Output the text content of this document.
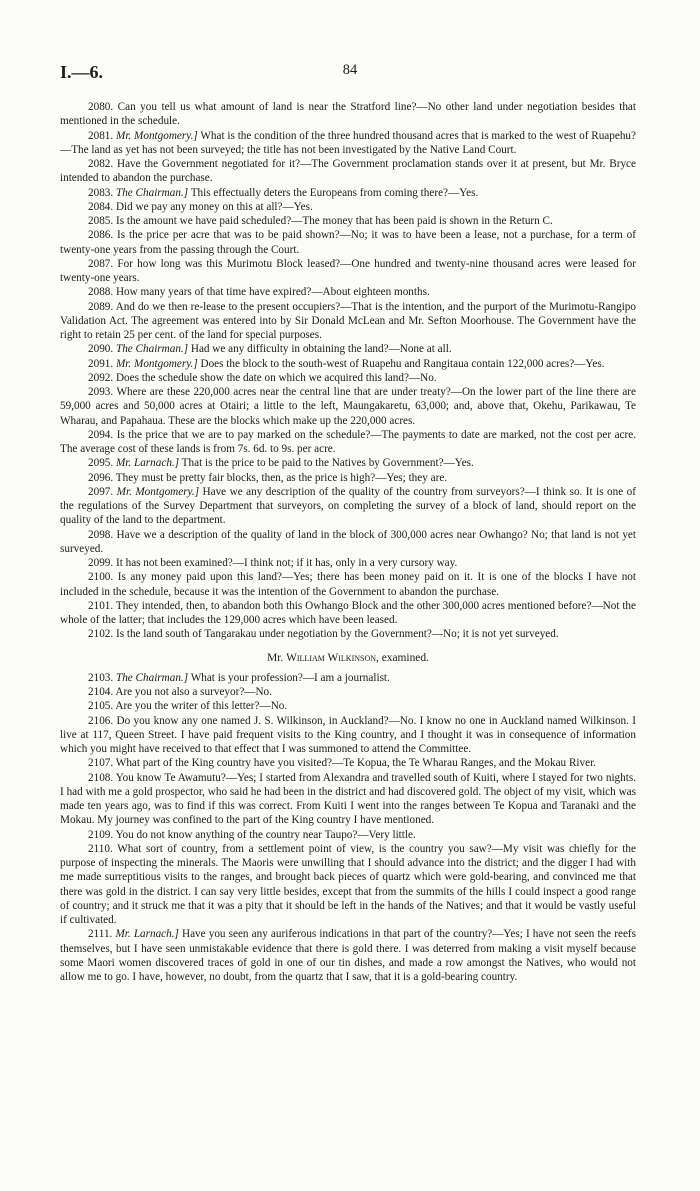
I.—6.	84

2080. Can you tell us what amount of land is near the Stratford line?—No other land under negotiation besides that mentioned in the schedule.

2081. Mr. Montgomery.] What is the condition of the three hundred thousand acres that is marked to the west of Ruapehu?—The land as yet has not been surveyed; the title has not been investigated by the Native Land Court.

2082. Have the Government negotiated for it?—The Government proclamation stands over it at present, but Mr. Bryce intended to abandon the purchase.

2083. The Chairman.] This effectually deters the Europeans from coming there?—Yes.

2084. Did we pay any money on this at all?—Yes.

2085. Is the amount we have paid scheduled?—The money that has been paid is shown in the Return C.

2086. Is the price per acre that was to be paid shown?—No; it was to have been a lease, not a purchase, for a term of twenty-one years from the passing through the Court.

2087. For how long was this Murimotu Block leased?—One hundred and twenty-nine thousand acres were leased for twenty-one years.

2088. How many years of that time have expired?—About eighteen months.

2089. And do we then re-lease to the present occupiers?—That is the intention, and the purport of the Murimotu-Rangipo Validation Act. The agreement was entered into by Sir Donald McLean and Mr. Sefton Moorhouse. The Government have the right to retain 25 per cent. of the land for special purposes.

2090. The Chairman.] Had we any difficulty in obtaining the land?—None at all.

2091. Mr. Montgomery.] Does the block to the south-west of Ruapehu and Rangitaua contain 122,000 acres?—Yes.

2092. Does the schedule show the date on which we acquired this land?—No.

2093. Where are these 220,000 acres near the central line that are under treaty?—On the lower part of the line there are 59,000 acres and 50,000 acres at Otairi; a little to the left, Maungakaretu, 63,000; and, above that, Okehu, Parikawau, Te Wharau, and Papahaua. These are the blocks which make up the 220,000 acres.

2094. Is the price that we are to pay marked on the schedule?—The payments to date are marked, not the cost per acre. The average cost of these lands is from 7s. 6d. to 9s. per acre.

2095. Mr. Larnach.] That is the price to be paid to the Natives by Government?—Yes.

2096. They must be pretty fair blocks, then, as the price is high?—Yes; they are.

2097. Mr. Montgomery.] Have we any description of the quality of the country from surveyors?—I think so. It is one of the regulations of the Survey Department that surveyors, on completing the survey of a block of land, should report on the quality of the land to the department.

2098. Have we a description of the quality of land in the block of 300,000 acres near Owhango? No; that land is not yet surveyed.

2099. It has not been examined?—I think not; if it has, only in a very cursory way.

2100. Is any money paid upon this land?—Yes; there has been money paid on it. It is one of the blocks I have not included in the schedule, because it was the intention of the Government to abandon the purchase.

2101. They intended, then, to abandon both this Owhango Block and the other 300,000 acres mentioned before?—Not the whole of the latter; that includes the 129,000 acres which have been leased.

2102. Is the land south of Tangarakau under negotiation by the Government?—No; it is not yet surveyed.

Mr. William Wilkinson, examined.

2103. The Chairman.] What is your profession?—I am a journalist.

2104. Are you not also a surveyor?—No.

2105. Are you the writer of this letter?—No.

2106. Do you know any one named J. S. Wilkinson, in Auckland?—No. I know no one in Auckland named Wilkinson. I live at 117, Queen Street. I have paid frequent visits to the King country, and I thought it was in consequence of information which you might have received to that effect that I was summoned to attend the Committee.

2107. What part of the King country have you visited?—Te Kopua, the Te Wharau Ranges, and the Mokau River.

2108. You know Te Awamutu?—Yes; I started from Alexandra and travelled south of Kuiti, where I stayed for two nights. I had with me a gold prospector, who said he had been in the district and had discovered gold. The object of my visit, which was made ten years ago, was to find if this was correct. From Kuiti I went into the ranges between Te Kopua and Taranaki and the Mokau. My journey was confined to the part of the King country I have mentioned.

2109. You do not know anything of the country near Taupo?—Very little.

2110. What sort of country, from a settlement point of view, is the country you saw?—My visit was chiefly for the purpose of inspecting the minerals. The Maoris were unwilling that I should advance into the district; and the digger I had with me made surreptitious visits to the ranges, and brought back pieces of quartz which were gold-bearing, and convinced me that there was gold in the district. I can say very little besides, except that from the summits of the hills I could inspect a good range of country; and it struck me that it was a pity that it should be left in the hands of the Natives; and that it would be vastly useful if cultivated.

2111. Mr. Larnach.] Have you seen any auriferous indications in that part of the country?—Yes; I have not seen the reefs themselves, but I have seen unmistakable evidence that there is gold there. I was deterred from making a visit myself because some Maori women discovered traces of gold in one of our tin dishes, and made a row amongst the Natives, who would not allow me to go. I have, however, no doubt, from the quartz that I saw, that it is a gold-bearing country.
